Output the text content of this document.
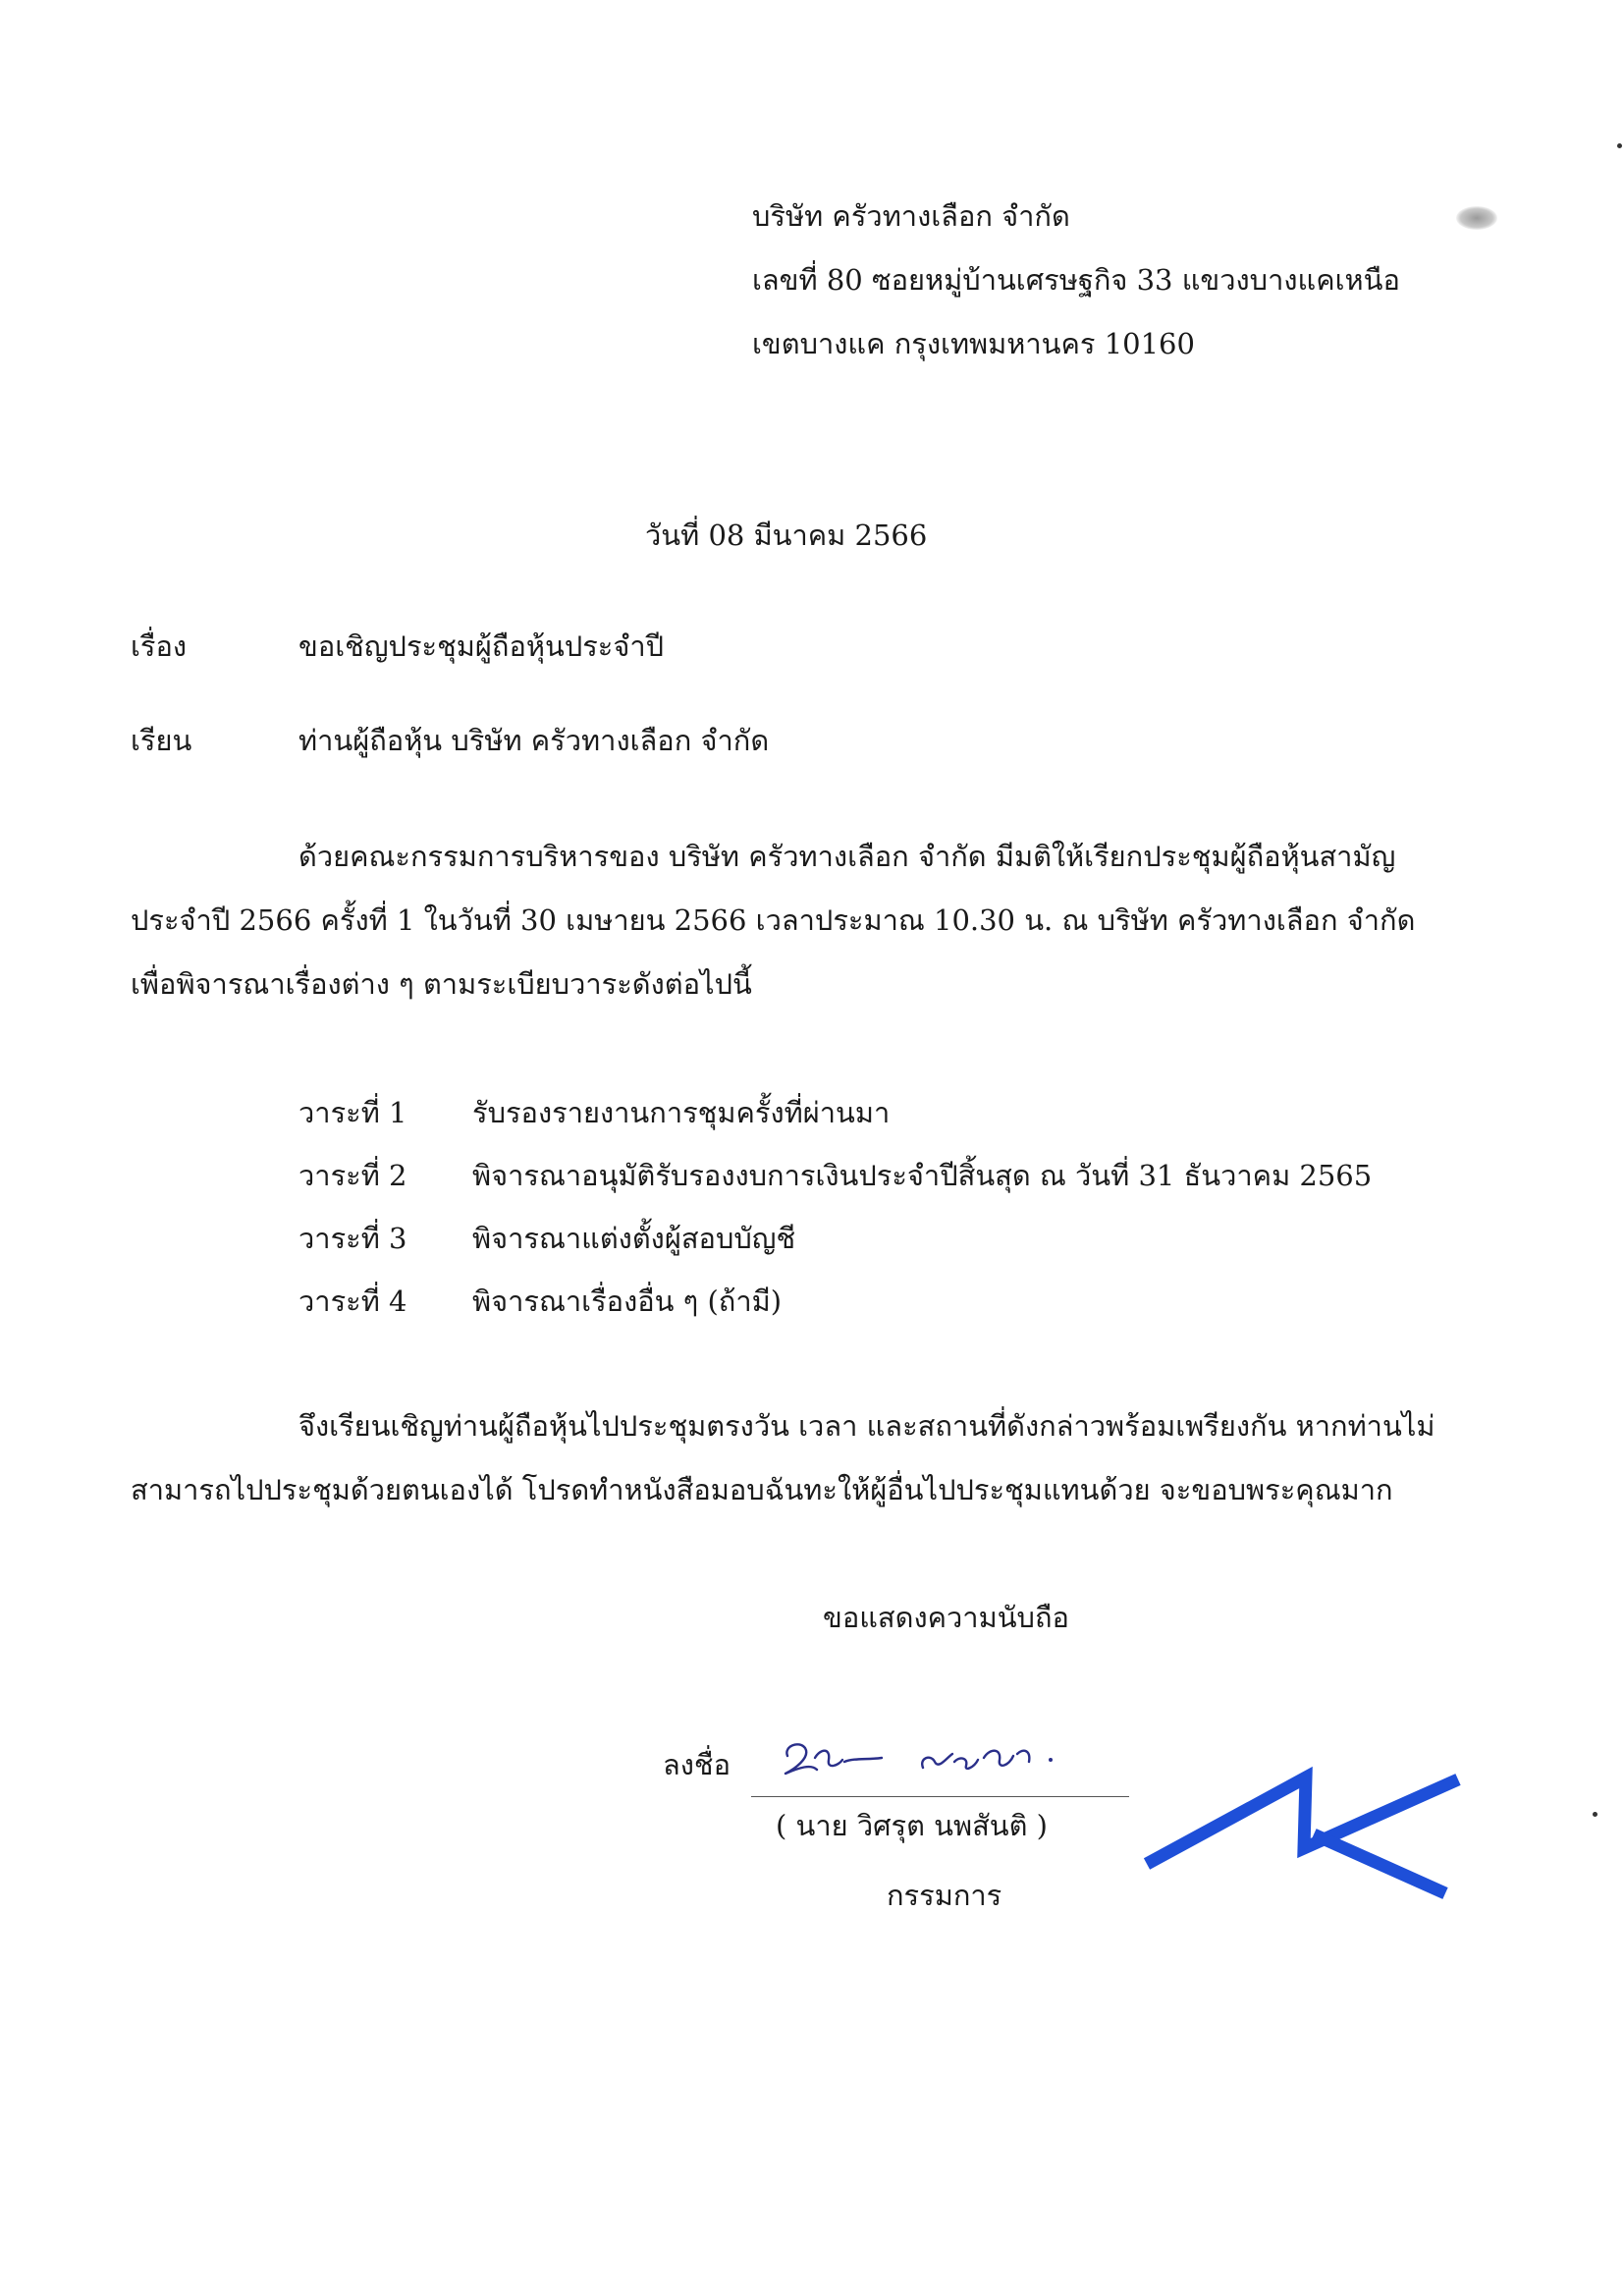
บริษัท ครัวทางเลือก จำกัด
เลขที่ 80 ซอยหมู่บ้านเศรษฐกิจ 33 แขวงบางแคเหนือ
เขตบางแค กรุงเทพมหานคร 10160
วันที่ 08 มีนาคม 2566
เรื่อง	ขอเชิญประชุมผู้ถือหุ้นประจำปี
เรียน	ท่านผู้ถือหุ้น บริษัท ครัวทางเลือก จำกัด
ด้วยคณะกรรมการบริหารของ บริษัท ครัวทางเลือก จำกัด มีมติให้เรียกประชุมผู้ถือหุ้นสามัญ
ประจำปี 2566 ครั้งที่ 1 ในวันที่ 30 เมษายน 2566 เวลาประมาณ 10.30 น. ณ บริษัท ครัวทางเลือก จำกัด
เพื่อพิจารณาเรื่องต่าง ๆ ตามระเบียบวาระดังต่อไปนี้
วาระที่ 1 รับรองรายงานการชุมครั้งที่ผ่านมา
วาระที่ 2 พิจารณาอนุมัติรับรองงบการเงินประจำปีสิ้นสุด ณ วันที่ 31 ธันวาคม 2565
วาระที่ 3 พิจารณาแต่งตั้งผู้สอบบัญชี
วาระที่ 4 พิจารณาเรื่องอื่น ๆ (ถ้ามี)
จึงเรียนเชิญท่านผู้ถือหุ้นไปประชุมตรงวัน เวลา และสถานที่ดังกล่าวพร้อมเพรียงกัน หากท่านไม่
สามารถไปประชุมด้วยตนเองได้ โปรดทำหนังสือมอบฉันทะให้ผู้อื่นไปประชุมแทนด้วย จะขอบพระคุณมาก
ขอแสดงความนับถือ
ลงชื่อ
( นาย วิศรุต นพสันติ )
กรรมการ
